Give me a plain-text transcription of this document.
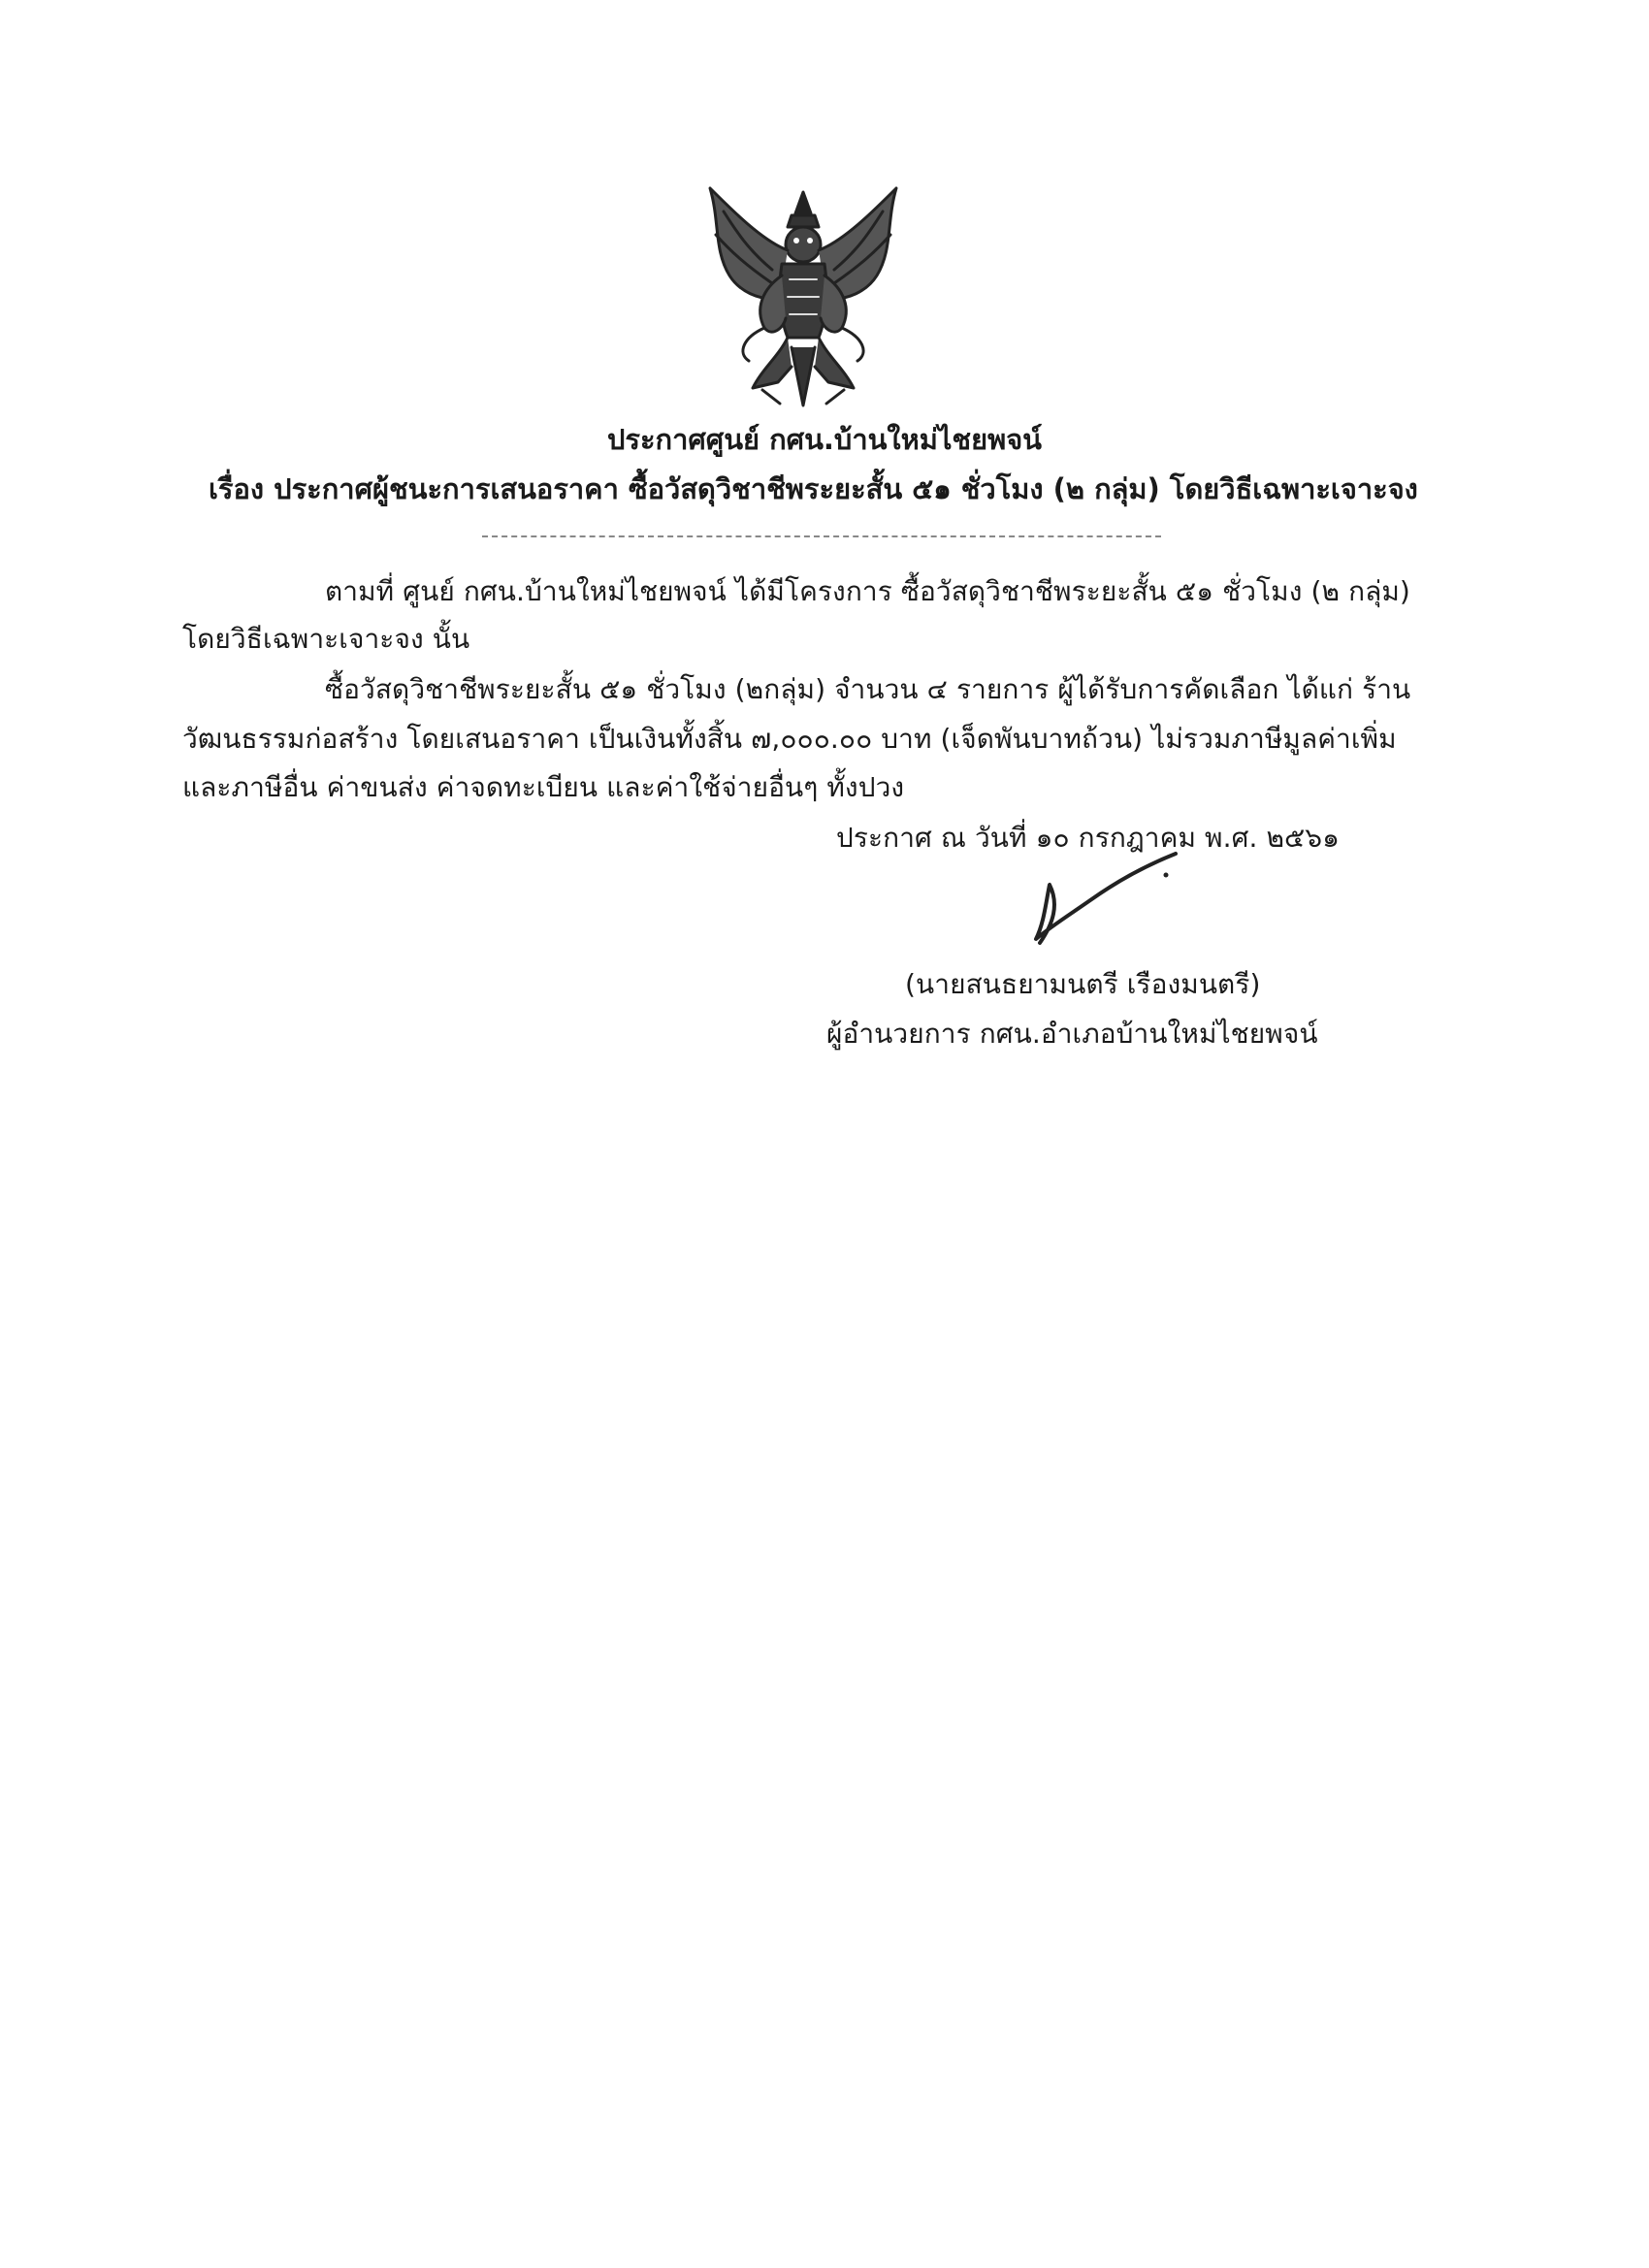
ประกาศศูนย์ กศน.บ้านใหม่ไชยพจน์
เรื่อง ประกาศผู้ชนะการเสนอราคา ซื้อวัสดุวิชาชีพระยะสั้น ๕๑ ชั่วโมง (๒ กลุ่ม) โดยวิธีเฉพาะเจาะจง
ตามที่ ศูนย์ กศน.บ้านใหม่ไชยพจน์ ได้มีโครงการ ซื้อวัสดุวิชาชีพระยะสั้น ๕๑ ชั่วโมง (๒ กลุ่ม)
โดยวิธีเฉพาะเจาะจง นั้น
ซื้อวัสดุวิชาชีพระยะสั้น ๕๑ ชั่วโมง (๒กลุ่ม) จำนวน ๔ รายการ ผู้ได้รับการคัดเลือก ได้แก่ ร้าน
วัฒนธรรมก่อสร้าง โดยเสนอราคา เป็นเงินทั้งสิ้น ๗,๐๐๐.๐๐ บาท (เจ็ดพันบาทถ้วน) ไม่รวมภาษีมูลค่าเพิ่ม
และภาษีอื่น ค่าขนส่ง ค่าจดทะเบียน และค่าใช้จ่ายอื่นๆ ทั้งปวง
ประกาศ ณ วันที่ ๑๐ กรกฎาคม พ.ศ. ๒๕๖๑
(นายสนธยามนตรี เรืองมนตรี)
ผู้อำนวยการ กศน.อำเภอบ้านใหม่ไชยพจน์
